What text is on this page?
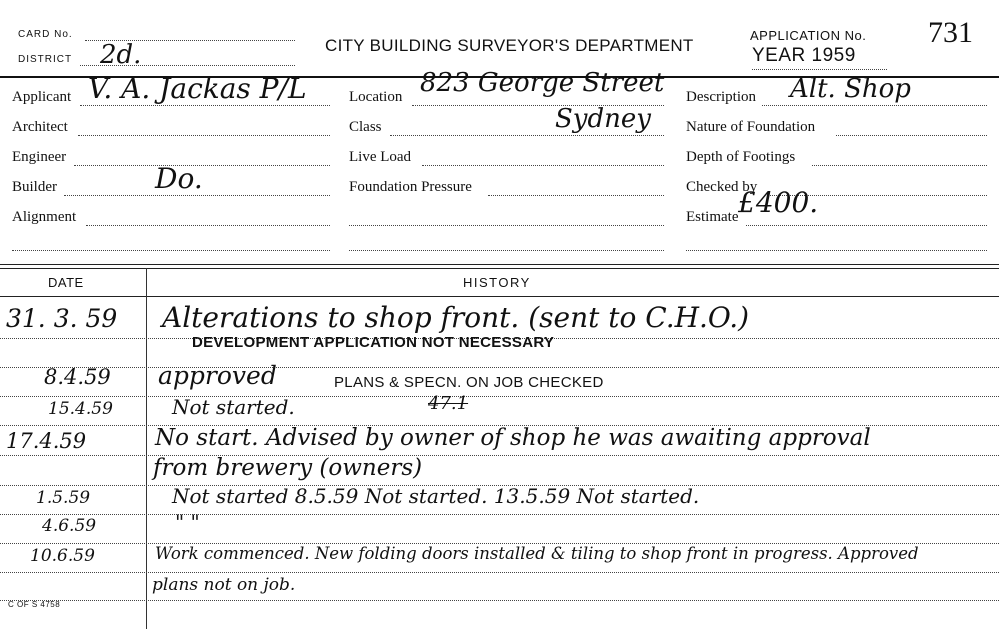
CARD No.
DISTRICT 2d.	CITY BUILDING SURVEYOR'S DEPARTMENT
APPLICATION No. 731
YEAR 1959
Applicant V. A. Jackas P/L
Architect
Engineer
Builder	Do.
Alignment
Location 823 George Street
Sydney
Class
Live Load
Foundation Pressure
Description Alt. Shop
Nature of Foundation
Depth of Footings
Checked by
Estimate £400.
DATE	HISTORY
31. 3. 59 Alterations to shop front. (sent to C.H.O.)
DEVELOPMENT APPLICATION NOT NECESSARY
8.4.59 approved	PLANS & SPECN. ON JOB CHECKED
15.4.59	Not started.	47.1
17.4.59	No start. Advised by owner of shop he was awaiting approval
from brewery (owners)
1.5.59	Not started 8.5.59 Not started. 13.5.59 Not started.
4.6.59	" "
10.6.59	Work commenced. New folding doors installed & tiling to shop front in progress. Approved
plans not on job.
C OF S 4758
